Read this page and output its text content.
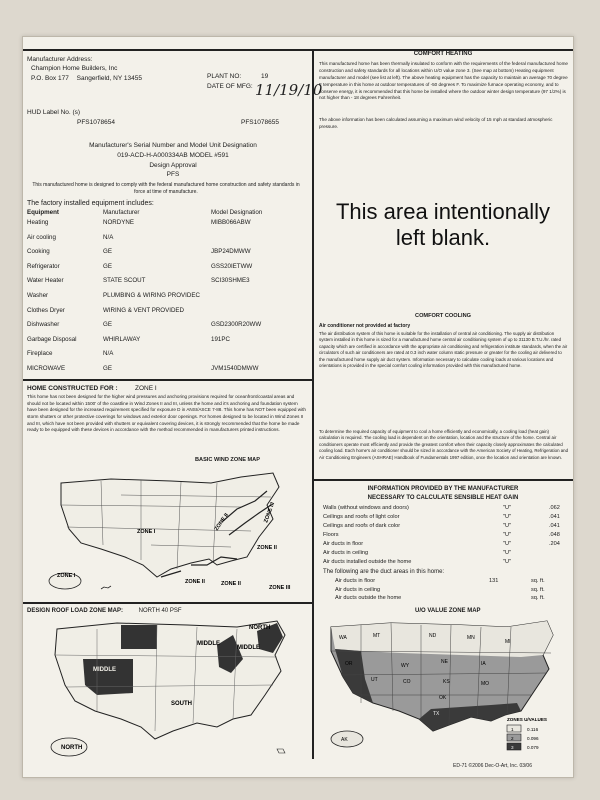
Manufacturer Address:
Champion Home Builders, Inc
P.O. Box 177 Sangerfield, NY 13455	PLANT NO:	19
DATE OF MFG: 11/19/10
HUD Label No. (s)
PFS1078654	PFS1078655
Manufacturer's Serial Number and Model Unit Designation
019-ACD-H-A000334AB MODEL #591
Design Approval
PFS
This manufactured home is designed to comply with the federal manufactured home construction and safety standards in force at time of manufacture.
The factory installed equipment includes:
Equipment	Manufacturer	Model Designation
Heating	NORDYNE	MIBB066ABW
Air cooling	N/A
Cooking	GE	JBP24DMWW
Refrigerator	GE	GSS20IETWW
Water Heater	STATE SCOUT	SCI30SHME3
Washer	PLUMBING & WIRING PROVIDEC
Clothes Dryer	WIRING & VENT PROVIDED
Dishwasher	GE	GSD2300R20WW
Garbage Disposal	WHIRLAWAY	191PC
Fireplace	N/A
MICROWAVE	GE	JVM1540DMWW
HOME CONSTRUCTED FOR :	ZONE I
This home has not been designed for the higher wind pressures and anchoring provisions required for oceanfront/coastal areas and should not be located within 1500' of the coastline in Wind Zones II and III, unless the home and it's anchoring and foundation system have been designed for the increased requirement specified for exposure D in ANSI/ASCE 7-88. This home has NOT been equipped with storm shutters or other protective coverings for windows and exterior door openings. For homes designed to be located in Wind Zones II and III, which have not been provided with shutters or equivalent covering devices, it is strongly recommended that the home be made ready to be equipped with these devices in accordance with the method recommended in manufacturers printed instructions.
BASIC WIND ZONE MAP
ZONE I
ZONE II
ZONE II	ZONE III
ZONE I
ZONE II	ZONE II
ZONE III
DESIGN ROOF LOAD ZONE MAP:	NORTH 40 PSF
NORTH
MIDDLE
MIDDLE
MIDDLE
SOUTH
NORTH
COMFORT HEATING
This manufactured home has been thermally insulated to conform with the requirements of the federal manufactured home construction and safety standards for all locations within U/O value zone 3. (See map at bottom) Heating equipment manufacturer and model (see list at left). The above heating equipment has the capacity to maintain an average 70 degree F temperature in this home at outdoor temperatures of -50 degrees F. To maximize furnace operating economy, and to conserve energy, it is recommended that this home be installed where the outdoor winter design temperature (97 1/2%) is not higher than - 18 degrees Fahrenheit.
The above information has been calculated assuming a maximum wind velocity of 15 mph at standard atmospheric pressure.
This area intentionally
left blank.
COMFORT COOLING
Air conditioner not provided at factory
The air distribution system of this home is suitable for the installation of central air conditioning. The supply air distribution system installed in this home is sized for a manufactured home central air conditioning system of up to 31130 B.T.U./hr. rated capacity which are certified in accordance with the appropriate air conditioning and refrigeration institute standards, when the air circulators of such air conditioners are rated at 0.3 inch water column static pressure or greater for the cooling air delivered to the manufactured home supply air duct system. Information necessary to calculate cooling loads at various locations and orientations is provided in the special comfort cooling information provided with this manufactured home.
To determine the required capacity of equipment to cool a home efficiently and economically, a cooling load (heat gain) calculation is required. The cooling load is dependent on the orientation, location and the structure of the home. Central air conditioners operate most efficiently and provide the greatest comfort when their capacity closely approximates the calculated cooling load. Each home's air conditioner should be sized in accordance with the American Society of Heating, Refrigeration and Air Conditioning Engineers (ASHRAE) Handbook of Fundamentals 1997 edition, once the location and orientation are known.
INFORMATION PROVIDED BY THE MANUFACTURER
NECESSARY TO CALCULATE SENSIBLE HEAT GAIN
Walls (without windows and doors)	"U"	.062
Ceilings and roofs of light color	"U"	.041
Ceilings and roofs of dark color	"U"	.041
Floors	"U"	.048
Air ducts in floor	"U"	.204
Air ducts in ceiling	"U"
Air ducts installed outside the home	"U"
The following are the duct areas in this home:
Air ducts in floor	131	sq. ft.
Air ducts in ceiling	sq. ft.
Air ducts outside the home	sq. ft.
U/O VALUE ZONE MAP
WA	MT	ND	MN
MI
OR	WY
NE	IA
UT	CO	KS	MO
OK
TX
AK
ZONES U/VALUES
1	0.116
2	0.096
3	0.079
ED-71 ©2006 Dec-O-Art, Inc. 03/06
